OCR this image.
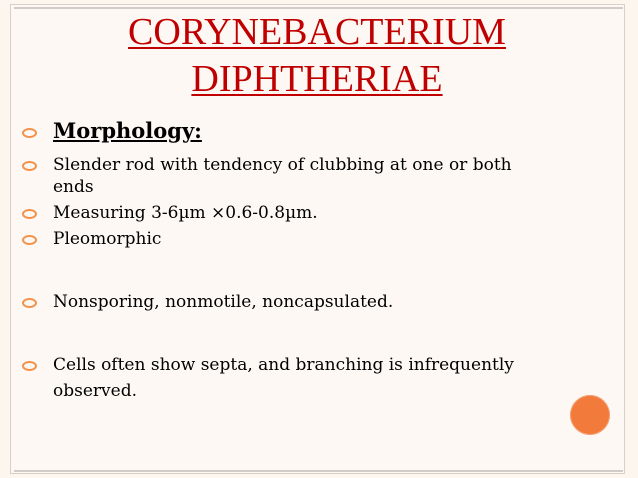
CORYNEBACTERIUM
DIPHTHERIAE
Morphology:
Slender rod with tendency of clubbing at one or both
ends
Measuring 3-6µm ×0.6-0.8µm.
Pleomorphic
Nonsporing, nonmotile, noncapsulated.
Cells often show septa, and branching is infrequently
observed.
